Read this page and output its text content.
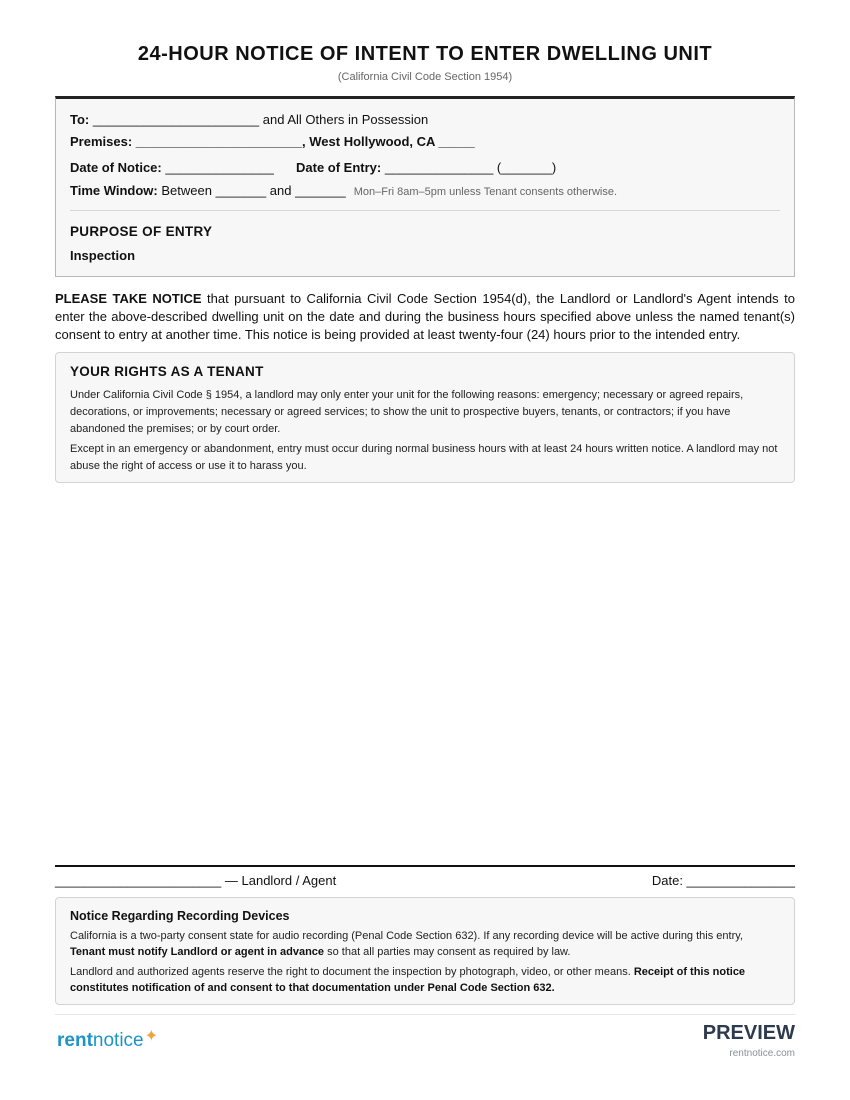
24-HOUR NOTICE OF INTENT TO ENTER DWELLING UNIT
(California Civil Code Section 1954)
To: _______________________ and All Others in Possession
Premises: _______________________, West Hollywood, CA _____
Date of Notice: _______________ Date of Entry: _______________ (_______)
Time Window: Between _______ and _______ Mon–Fri 8am–5pm unless Tenant consents otherwise.
PURPOSE OF ENTRY
Inspection
PLEASE TAKE NOTICE that pursuant to California Civil Code Section 1954(d), the Landlord or Landlord's Agent intends to enter the above-described dwelling unit on the date and during the business hours specified above unless the named tenant(s) consent to entry at another time. This notice is being provided at least twenty-four (24) hours prior to the intended entry.
YOUR RIGHTS AS A TENANT
Under California Civil Code § 1954, a landlord may only enter your unit for the following reasons: emergency; necessary or agreed repairs, decorations, or improvements; necessary or agreed services; to show the unit to prospective buyers, tenants, or contractors; if you have abandoned the premises; or by court order.
Except in an emergency or abandonment, entry must occur during normal business hours with at least 24 hours written notice. A landlord may not abuse the right of access or use it to harass you.
_______________________ — Landlord / Agent	Date: _______________
Notice Regarding Recording Devices
California is a two-party consent state for audio recording (Penal Code Section 632). If any recording device will be active during this entry, Tenant must notify Landlord or agent in advance so that all parties may consent as required by law.
Landlord and authorized agents reserve the right to document the inspection by photograph, video, or other means. Receipt of this notice constitutes notification of and consent to that documentation under Penal Code Section 632.
rentnotice✦	PREVIEW
rentnotice.com
